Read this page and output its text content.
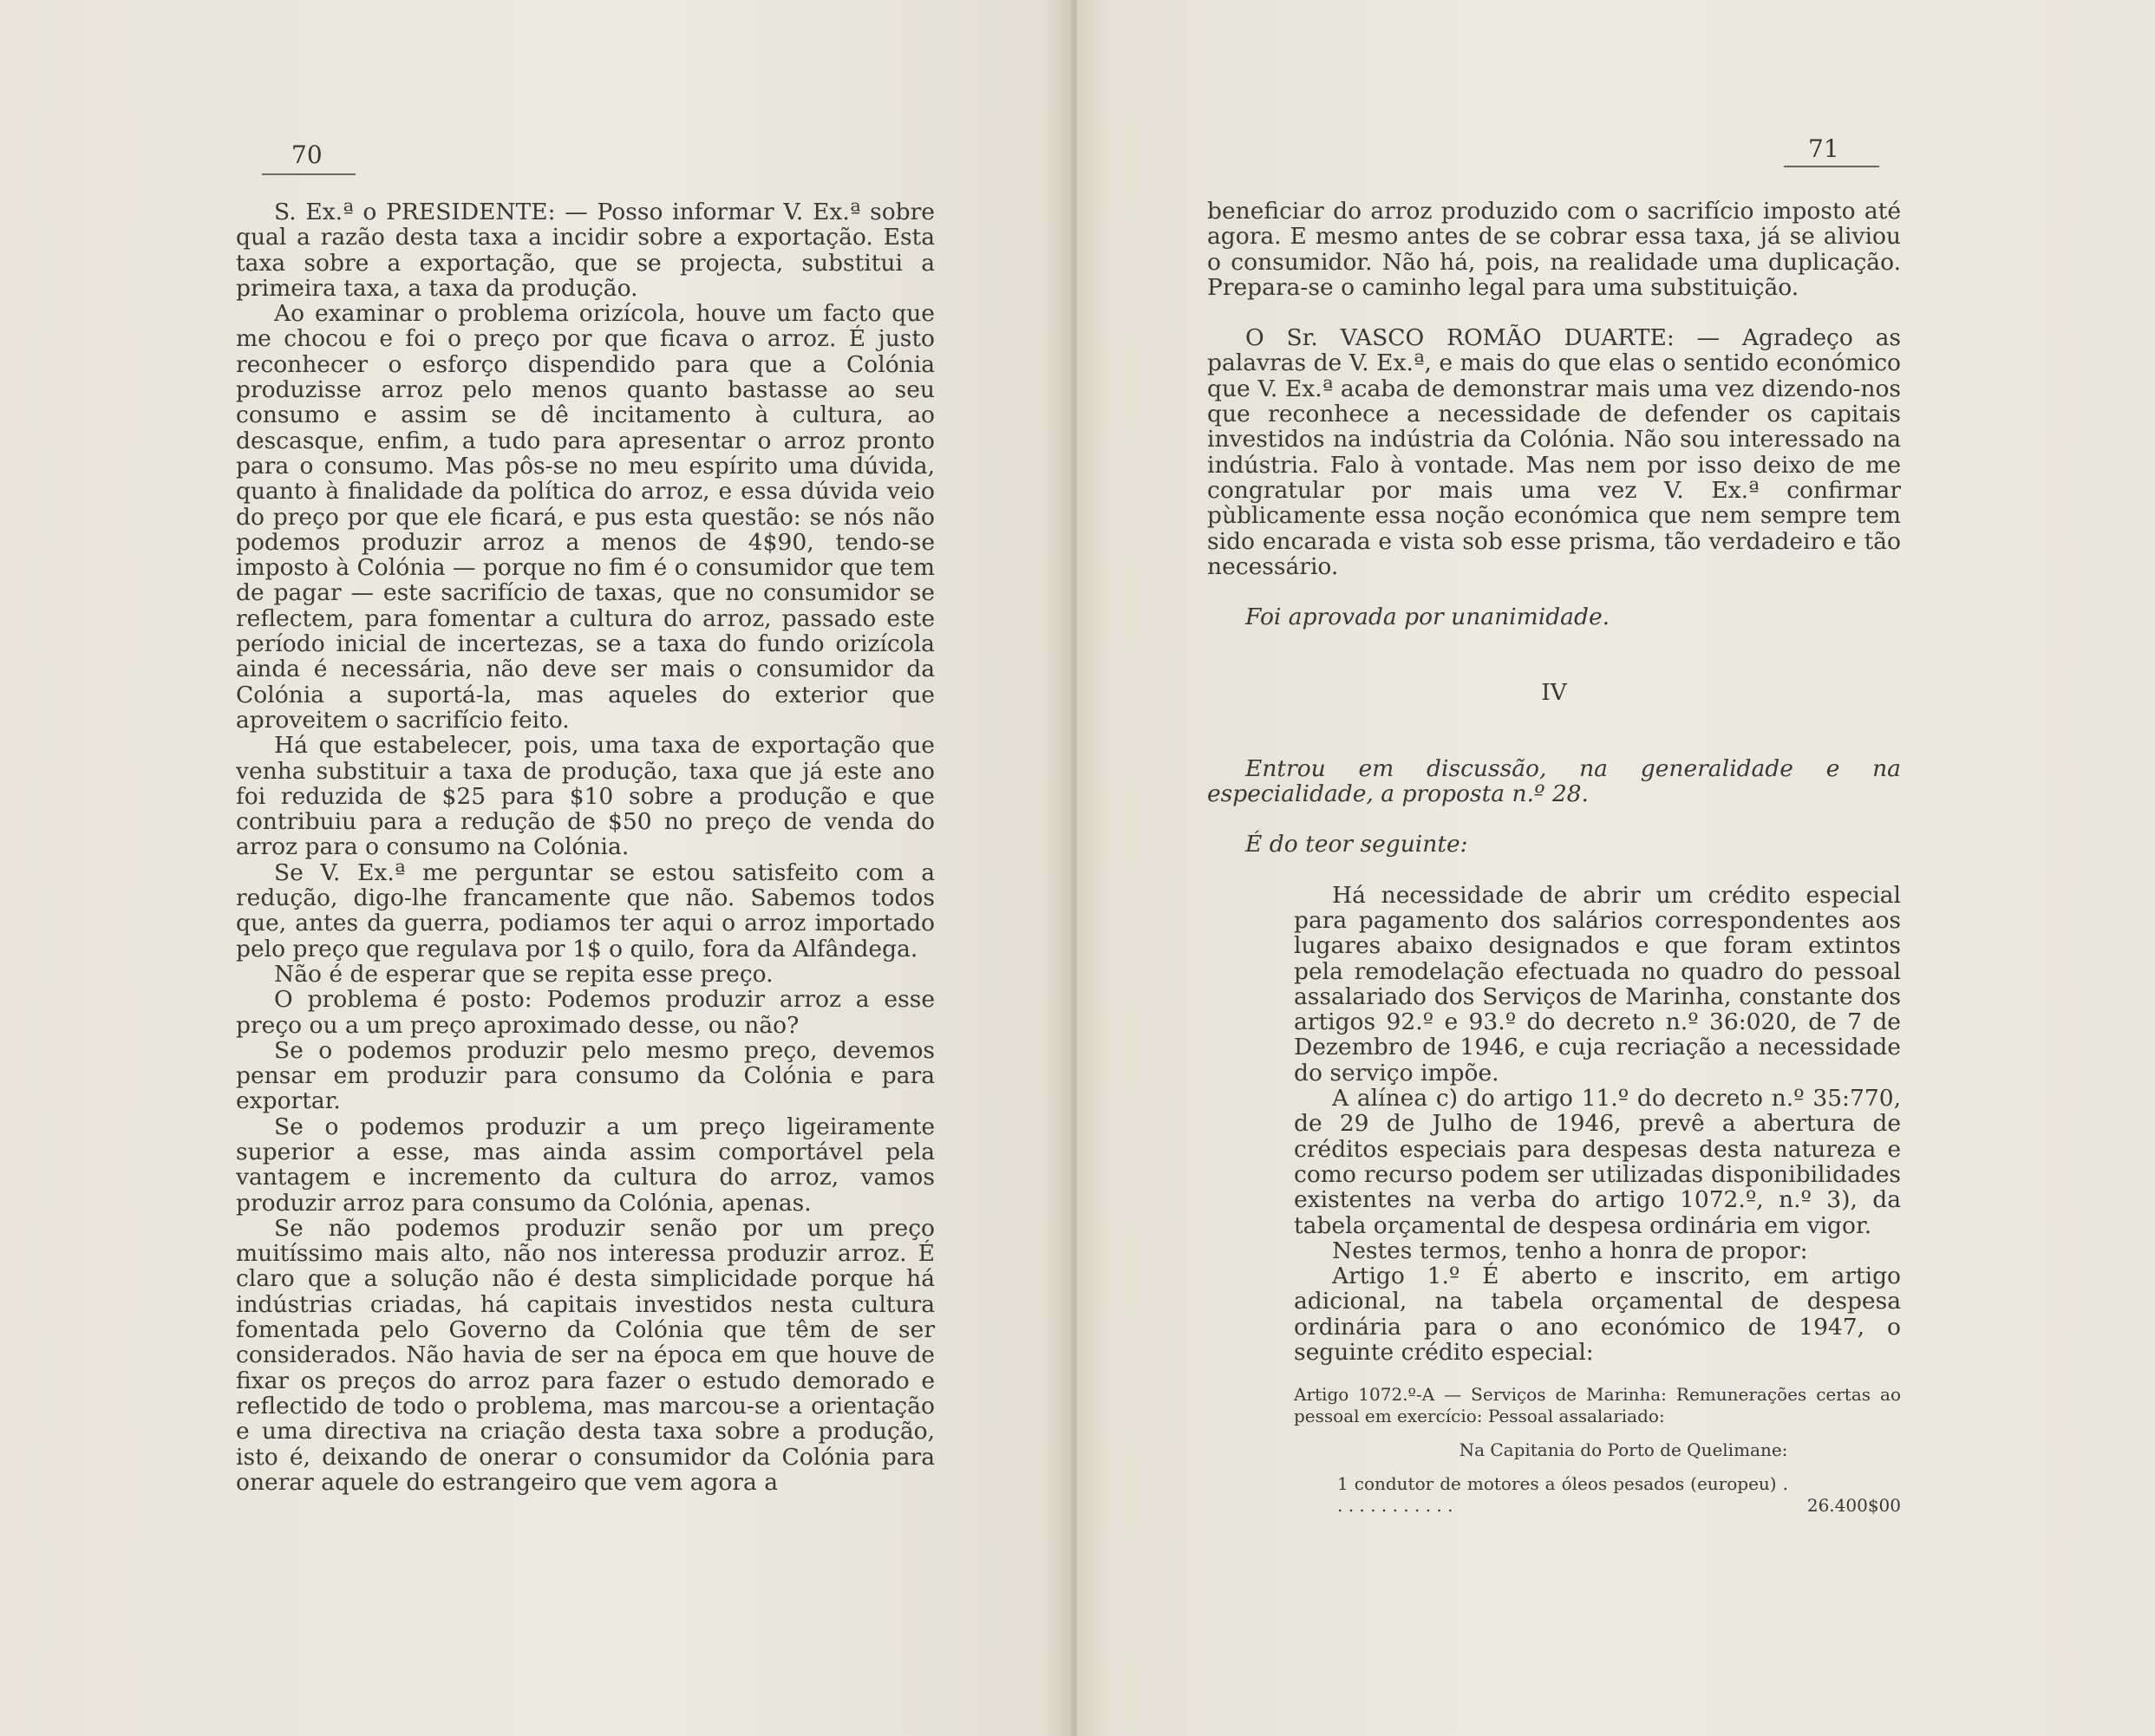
70

S. Ex.ª o PRESIDENTE: — Posso informar V. Ex.ª sobre qual a razão desta taxa a incidir sobre a exportação. Esta taxa sobre a exportação, que se projecta, substitui a primeira taxa, a taxa da produção.

Ao examinar o problema orizícola, houve um facto que me chocou e foi o preço por que ficava o arroz. É justo reconhecer o esforço dispendido para que a Colónia produzisse arroz pelo menos quanto bastasse ao seu consumo e assim se dê incitamento à cultura, ao descasque, enfim, a tudo para apresentar o arroz pronto para o consumo. Mas pôs-se no meu espírito uma dúvida, quanto à finalidade da política do arroz, e essa dúvida veio do preço por que ele ficará, e pus esta questão: se nós não podemos produzir arroz a menos de 4$90, tendo-se imposto à Colónia — porque no fim é o consumidor que tem de pagar — este sacrifício de taxas, que no consumidor se reflectem, para fomentar a cultura do arroz, passado este período inicial de incertezas, se a taxa do fundo orizícola ainda é necessária, não deve ser mais o consumidor da Colónia a suportá-la, mas aqueles do exterior que aproveitem o sacrifício feito.

Há que estabelecer, pois, uma taxa de exportação que venha substituir a taxa de produção, taxa que já este ano foi reduzida de $25 para $10 sobre a produção e que contribuiu para a redução de $50 no preço de venda do arroz para o consumo na Colónia.

Se V. Ex.ª me perguntar se estou satisfeito com a redução, digo-lhe francamente que não. Sabemos todos que, antes da guerra, podiamos ter aqui o arroz importado pelo preço que regulava por 1$ o quilo, fora da Alfândega.

Não é de esperar que se repita esse preço.

O problema é posto: Podemos produzir arroz a esse preço ou a um preço aproximado desse, ou não?

Se o podemos produzir pelo mesmo preço, devemos pensar em produzir para consumo da Colónia e para exportar.

Se o podemos produzir a um preço ligeiramente superior a esse, mas ainda assim comportável pela vantagem e incremento da cultura do arroz, vamos produzir arroz para consumo da Colónia, apenas.

Se não podemos produzir senão por um preço muitíssimo mais alto, não nos interessa produzir arroz. É claro que a solução não é desta simplicidade porque há indústrias criadas, há capitais investidos nesta cultura fomentada pelo Governo da Colónia que têm de ser considerados. Não havia de ser na época em que houve de fixar os preços do arroz para fazer o estudo demorado e reflectido de todo o problema, mas marcou-se a orientação e uma directiva na criação desta taxa sobre a produção, isto é, deixando de onerar o consumidor da Colónia para onerar aquele do estrangeiro que vem agora a

71

beneficiar do arroz produzido com o sacrifício imposto até agora. E mesmo antes de se cobrar essa taxa, já se aliviou o consumidor. Não há, pois, na realidade uma duplicação. Prepara-se o caminho legal para uma substituição.

O Sr. VASCO ROMÃO DUARTE: — Agradeço as palavras de V. Ex.ª, e mais do que elas o sentido económico que V. Ex.ª acaba de demonstrar mais uma vez dizendo-nos que reconhece a necessidade de defender os capitais investidos na indústria da Colónia. Não sou interessado na indústria. Falo à vontade. Mas nem por isso deixo de me congratular por mais uma vez V. Ex.ª confirmar pùblicamente essa noção económica que nem sempre tem sido encarada e vista sob esse prisma, tão verdadeiro e tão necessário.

Foi aprovada por unanimidade.

IV

Entrou em discussão, na generalidade e na especialidade, a proposta n.º 28.

É do teor seguinte:

Há necessidade de abrir um crédito especial para pagamento dos salários correspondentes aos lugares abaixo designados e que foram extintos pela remodelação efectuada no quadro do pessoal assalariado dos Serviços de Marinha, constante dos artigos 92.º e 93.º do decreto n.º 36:020, de 7 de Dezembro de 1946, e cuja recriação a necessidade do serviço impõe.

A alínea c) do artigo 11.º do decreto n.º 35:770, de 29 de Julho de 1946, prevê a abertura de créditos especiais para despesas desta natureza e como recurso podem ser utilizadas disponibilidades existentes na verba do artigo 1072.º, n.º 3), da tabela orçamental de despesa ordinária em vigor.

Nestes termos, tenho a honra de propor:

Artigo 1.º É aberto e inscrito, em artigo adicional, na tabela orçamental de despesa ordinária para o ano económico de 1947, o seguinte crédito especial:

Artigo 1072.º-A — Serviços de Marinha: Remunerações certas ao pessoal em exercício: Pessoal assalariado:

Na Capitania do Porto de Quelimane:

1 condutor de motores a óleos pesados (europeu) . . . . . . . . . . . .	26.400$00
